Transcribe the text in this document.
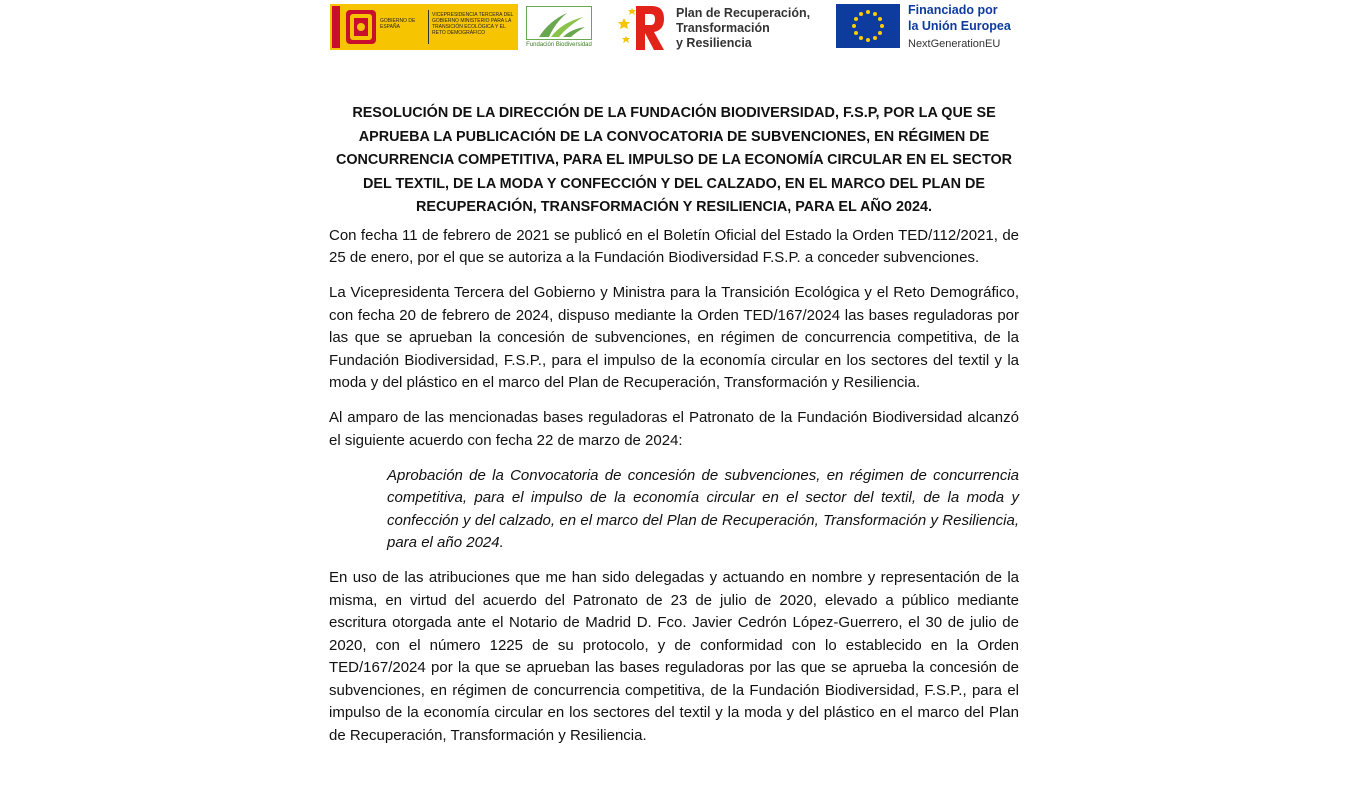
GOBIERNO DE ESPAÑA
VICEPRESIDENCIA TERCERA DEL GOBIERNO MINISTERIO PARA LA TRANSICIÓN ECOLÓGICA Y EL RETO DEMOGRÁFICO
Fundación Biodiversidad
Plan de Recuperación,
Transformación
y Resiliencia
Financiado por
la Unión Europea
NextGenerationEU
RESOLUCIÓN DE LA DIRECCIÓN DE LA FUNDACIÓN BIODIVERSIDAD, F.S.P, POR LA QUE SE APRUEBA LA PUBLICACIÓN DE LA CONVOCATORIA DE SUBVENCIONES, EN RÉGIMEN DE CONCURRENCIA COMPETITIVA, PARA EL IMPULSO DE LA ECONOMÍA CIRCULAR EN EL SECTOR DEL TEXTIL, DE LA MODA Y CONFECCIÓN Y DEL CALZADO, EN EL MARCO DEL PLAN DE RECUPERACIÓN, TRANSFORMACIÓN Y RESILIENCIA, PARA EL AÑO 2024.

Con fecha 11 de febrero de 2021 se publicó en el Boletín Oficial del Estado la Orden TED/112/2021, de 25 de enero, por el que se autoriza a la Fundación Biodiversidad F.S.P. a conceder subvenciones.

La Vicepresidenta Tercera del Gobierno y Ministra para la Transición Ecológica y el Reto Demográfico, con fecha 20 de febrero de 2024, dispuso mediante la Orden TED/167/2024 las bases reguladoras por las que se aprueban la concesión de subvenciones, en régimen de concurrencia competitiva, de la Fundación Biodiversidad, F.S.P., para el impulso de la economía circular en los sectores del textil y la moda y del plástico en el marco del Plan de Recuperación, Transformación y Resiliencia.

Al amparo de las mencionadas bases reguladoras el Patronato de la Fundación Biodiversidad alcanzó el siguiente acuerdo con fecha 22 de marzo de 2024:

Aprobación de la Convocatoria de concesión de subvenciones, en régimen de concurrencia competitiva, para el impulso de la economía circular en el sector del textil, de la moda y confección y del calzado, en el marco del Plan de Recuperación, Transformación y Resiliencia, para el año 2024.

En uso de las atribuciones que me han sido delegadas y actuando en nombre y representación de la misma, en virtud del acuerdo del Patronato de 23 de julio de 2020, elevado a público mediante escritura otorgada ante el Notario de Madrid D. Fco. Javier Cedrón López-Guerrero, el 30 de julio de 2020, con el número 1225 de su protocolo, y de conformidad con lo establecido en la Orden TED/167/2024 por la que se aprueban las bases reguladoras por las que se aprueba la concesión de subvenciones, en régimen de concurrencia competitiva, de la Fundación Biodiversidad, F.S.P., para el impulso de la economía circular en los sectores del textil y la moda y del plástico en el marco del Plan de Recuperación, Transformación y Resiliencia.
